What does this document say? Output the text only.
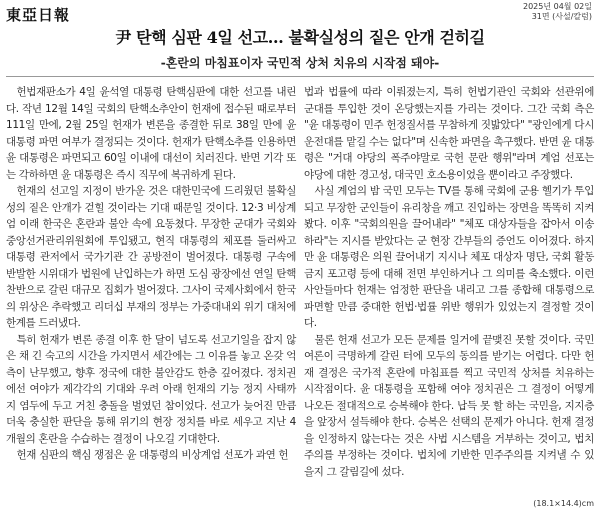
東亞日報	2025년 04월 02일
31면 (사설/칼럼)
尹 탄핵 심판 4일 선고… 불확실성의 짙은 안개 걷히길
-혼란의 마침표이자 국민적 상처 치유의 시작점 돼야-

헌법재판소가 4일 윤석열 대통령 탄핵심판에 대한 선고를 내린다. 작년 12월 14일 국회의 탄핵소추안이 헌재에 접수된 때로부터 111일 만에, 2월 25일 헌재가 변론을 종결한 뒤로 38일 만에 윤 대통령 파면 여부가 결정되는 것이다. 헌재가 탄핵소추를 인용하면 윤 대통령은 파면되고 60일 이내에 대선이 치러진다. 반면 기각 또는 각하하면 윤 대통령은 즉시 직무에 복귀하게 된다.

헌재의 선고일 지정이 반가운 것은 대한민국에 드리웠던 불확실성의 짙은 안개가 걷힐 것이라는 기대 때문일 것이다. 12·3 비상계엄 이래 한국은 혼란과 불안 속에 요동쳤다. 무장한 군대가 국회와 중앙선거관리위원회에 투입됐고, 현직 대통령의 체포를 둘러싸고 대통령 관저에서 국가기관 간 공방전이 벌어졌다. 대통령 구속에 반발한 시위대가 법원에 난입하는가 하면 도심 광장에선 연일 탄핵 찬반으로 갈린 대규모 집회가 벌어졌다. 그사이 국제사회에서 한국의 위상은 추락했고 리더십 부재의 정부는 가중대내외 위기 대처에 한계를 드러냈다.

특히 헌재가 변론 종결 이후 한 달이 넘도록 선고기일을 잡지 않은 채 긴 숙고의 시간을 가지면서 세간에는 그 이유를 놓고 온갖 억측이 난무했고, 향후 정국에 대한 불안감도 한층 깊어졌다. 정치권에선 여야가 제각각의 기대와 우려 아래 헌재의 기능 정지 사태까지 염두에 두고 거친 충돌을 벌였던 참이었다. 선고가 늦어진 만큼 더욱 충실한 판단을 통해 위기의 현장 정치를 바로 세우고 지난 4개월의 혼란을 수습하는 결정이 나오길 기대한다.

헌재 심판의 핵심 쟁점은 윤 대통령의 비상계엄 선포가 과연 헌

법과 법률에 따라 이뤄졌는지, 특히 헌법기관인 국회와 선관위에 군대를 투입한 것이 온당했는지를 가리는 것이다. 그간 국회 측은 "윤 대통령이 민주 헌정질서를 무참하게 짓밟았다" "광인에게 다시 운전대를 맡길 수는 없다"며 신속한 파면을 촉구했다. 반면 윤 대통령은 "거대 야당의 폭주야말로 국헌 문란 행위"라며 계엄 선포는 야당에 대한 경고성, 대국민 호소용이었을 뿐이라고 주장했다.

사실 계엄의 밤 국민 모두는 TV를 통해 국회에 군용 헬기가 투입되고 무장한 군인들이 유리창을 깨고 진입하는 장면을 똑똑히 지켜봤다. 이후 "국회의원을 끌어내라" "체포 대상자들을 잡아서 이송하라"는 지시를 받았다는 군 현장 간부들의 증언도 이어졌다. 하지만 윤 대통령은 의원 끌어내기 지시나 체포 대상자 명단, 국회 활동 금지 포고령 등에 대해 전면 부인하거나 그 의미를 축소했다. 이런 사안들마다 헌재는 엄정한 판단을 내리고 그를 종합해 대통령으로 파면할 만큼 중대한 헌법·법률 위반 행위가 있었는지 결정할 것이다.

물론 헌재 선고가 모든 문제를 일거에 끝맺진 못할 것이다. 국민 여론이 극명하게 갈린 터에 모두의 동의를 받기는 어렵다. 다만 헌재 결정은 국가적 혼란에 마침표를 찍고 국민적 상처를 치유하는 시작점이다. 윤 대통령을 포함해 여야 정치권은 그 결정이 어떻게 나오든 절대적으로 승복해야 한다. 납득 못 할 하는 국민을, 지지층을 앞장서 설득해야 한다. 승복은 선택의 문제가 아니다. 헌재 결정을 인정하지 않는다는 것은 사법 시스템을 거부하는 것이고, 법치주의를 부정하는 것이다. 법치에 기반한 민주주의를 지켜낼 수 있을지 그 갈림길에 섰다.

(18.1×14.4)cm
